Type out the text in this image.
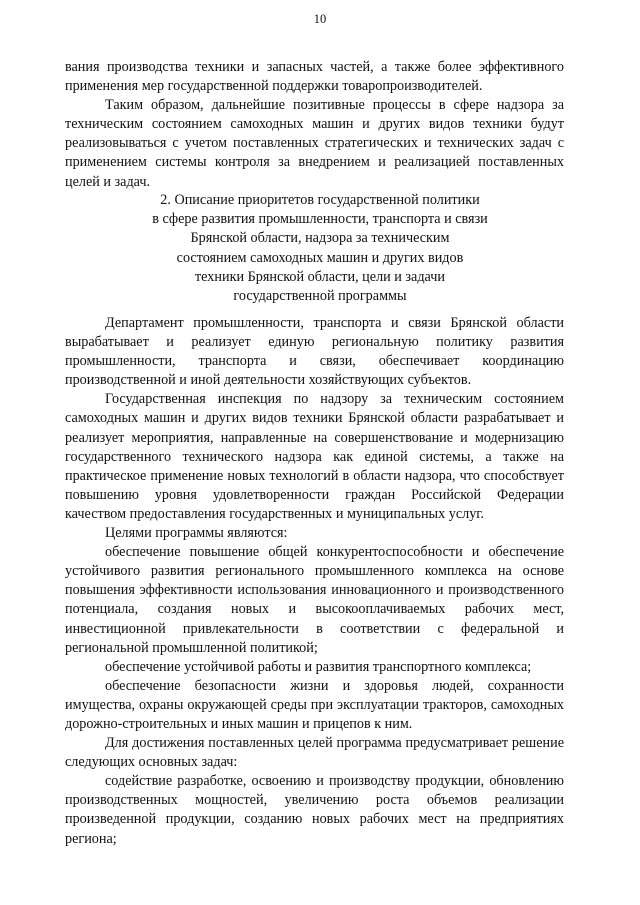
10

вания производства техники и запасных частей, а также более эффективного применения мер государственной поддержки товаропроизводителей.

Таким образом, дальнейшие позитивные процессы в сфере надзора за техническим состоянием самоходных машин и других видов техники будут реализовываться с учетом поставленных стратегических и технических задач с применением системы контроля за внедрением и реализацией поставленных целей и задач.

2. Описание приоритетов государственной политики
в сфере развития промышленности, транспорта и связи
Брянской области, надзора за техническим
состоянием самоходных машин и других видов
техники Брянской области, цели и задачи
государственной программы

Департамент промышленности, транспорта и связи Брянской области вырабатывает и реализует единую региональную политику развития промышленности, транспорта и связи, обеспечивает координацию производственной и иной деятельности хозяйствующих субъектов.

Государственная инспекция по надзору за техническим состоянием самоходных машин и других видов техники Брянской области разрабатывает и реализует мероприятия, направленные на совершенствование и модернизацию государственного технического надзора как единой системы, а также на практическое применение новых технологий в области надзора, что способствует повышению уровня удовлетворенности граждан Российской Федерации качеством предоставления государственных и муниципальных услуг.

Целями программы являются:

обеспечение повышение общей конкурентоспособности и обеспечение устойчивого развития регионального промышленного комплекса на основе повышения эффективности использования инновационного и производственного потенциала, создания новых и высокооплачиваемых рабочих мест, инвестиционной привлекательности в соответствии с федеральной и региональной промышленной политикой;

обеспечение устойчивой работы и развития транспортного комплекса;

обеспечение безопасности жизни и здоровья людей, сохранности имущества, охраны окружающей среды при эксплуатации тракторов, самоходных дорожно-строительных и иных машин и прицепов к ним.

Для достижения поставленных целей программа предусматривает решение следующих основных задач:

содействие разработке, освоению и производству продукции, обновлению производственных мощностей, увеличению роста объемов реализации произведенной продукции, созданию новых рабочих мест на предприятиях региона;
